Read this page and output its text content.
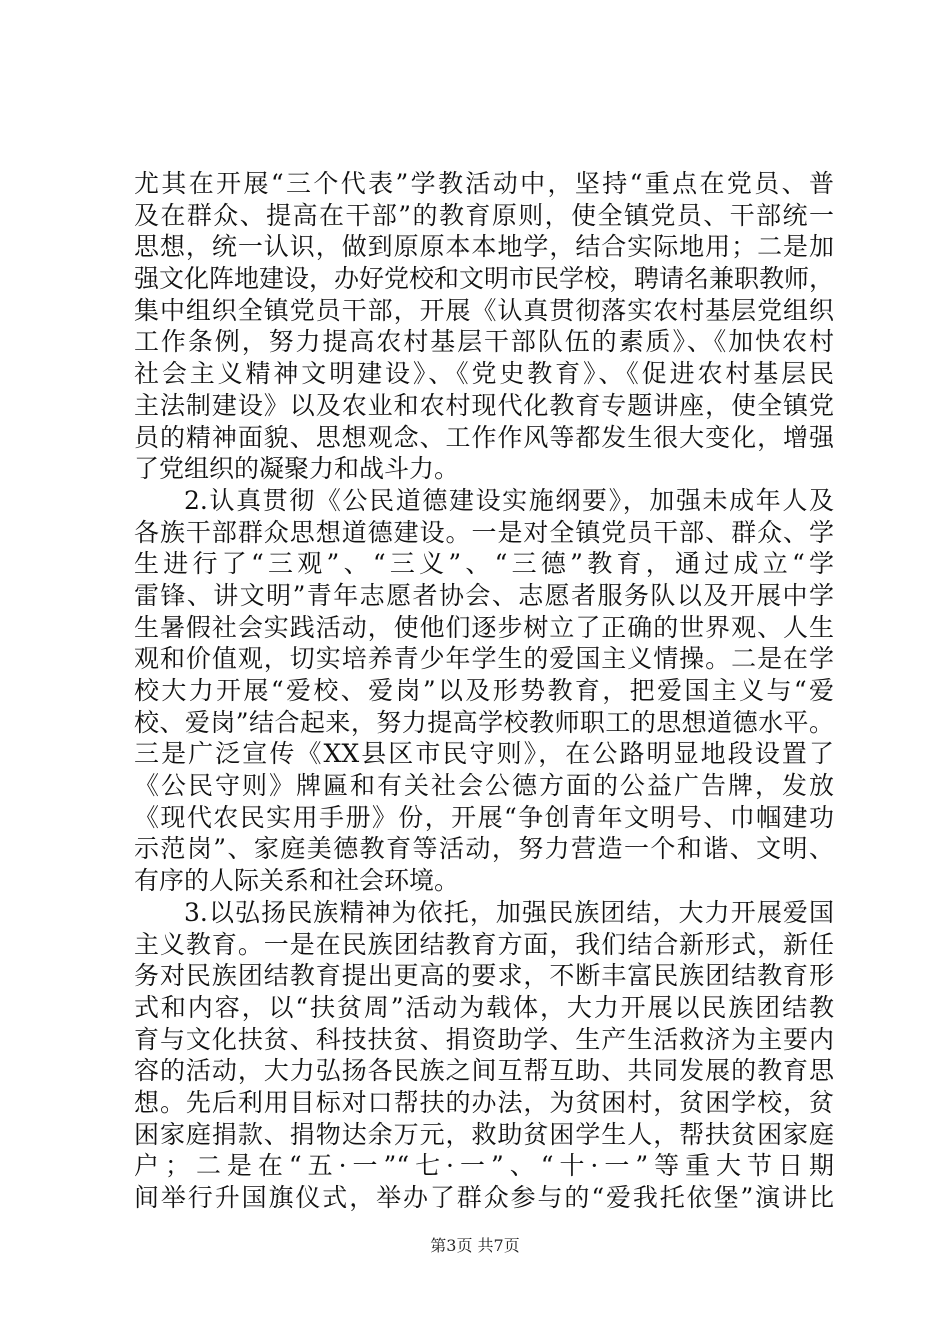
尤其在开展“三个代表”学教活动中，坚持“重点在党员、普
及在群众、提高在干部”的教育原则，使全镇党员、干部统一
思想，统一认识，做到原原本本地学，结合实际地用；二是加
强文化阵地建设，办好党校和文明市民学校，聘请名兼职教师，
集中组织全镇党员干部，开展《认真贯彻落实农村基层党组织
工作条例，努力提高农村基层干部队伍的素质》、《加快农村
社会主义精神文明建设》、《党史教育》、《促进农村基层民
主法制建设》以及农业和农村现代化教育专题讲座，使全镇党
员的精神面貌、思想观念、工作作风等都发生很大变化，增强
了党组织的凝聚力和战斗力。
2.认真贯彻《公民道德建设实施纲要》，加强未成年人及
各族干部群众思想道德建设。一是对全镇党员干部、群众、学
生进行了“三观”、“三义”、“三德”教育，通过成立“学
雷锋、讲文明”青年志愿者协会、志愿者服务队以及开展中学
生暑假社会实践活动，使他们逐步树立了正确的世界观、人生
观和价值观，切实培养青少年学生的爱国主义情操。二是在学
校大力开展“爱校、爱岗”以及形势教育，把爱国主义与“爱
校、爱岗”结合起来，努力提高学校教师职工的思想道德水平。
三是广泛宣传《XX县区市民守则》，在公路明显地段设置了
《公民守则》牌匾和有关社会公德方面的公益广告牌，发放
《现代农民实用手册》份，开展“争创青年文明号、巾帼建功
示范岗”、家庭美德教育等活动，努力营造一个和谐、文明、
有序的人际关系和社会环境。
3.以弘扬民族精神为依托，加强民族团结，大力开展爱国
主义教育。一是在民族团结教育方面，我们结合新形式，新任
务对民族团结教育提出更高的要求，不断丰富民族团结教育形
式和内容，以“扶贫周”活动为载体，大力开展以民族团结教
育与文化扶贫、科技扶贫、捐资助学、生产生活救济为主要内
容的活动，大力弘扬各民族之间互帮互助、共同发展的教育思
想。先后利用目标对口帮扶的办法，为贫困村，贫困学校，贫
困家庭捐款、捐物达余万元，救助贫困学生人，帮扶贫困家庭
户；二是在“五·一”“七·一”、“十·一”等重大节日期
间举行升国旗仪式，举办了群众参与的“爱我托依堡”演讲比
第3页 共7页
